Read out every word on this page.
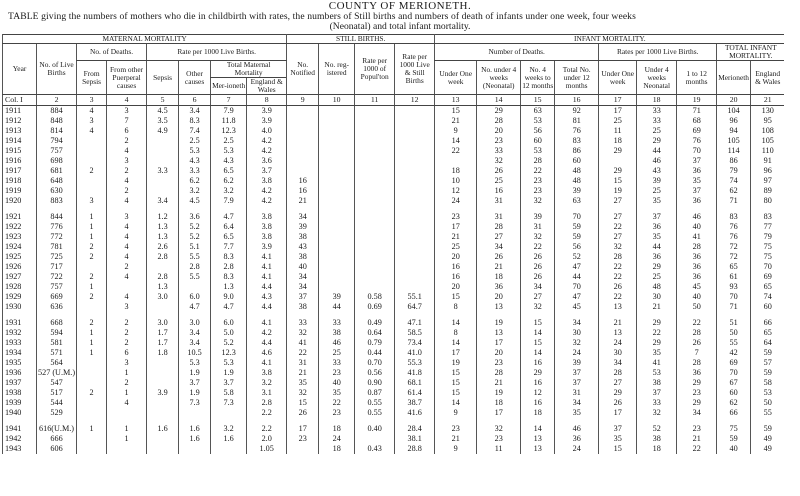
COUNTY OF MERIONETH.
TABLE giving the numbers of mothers who die in childbirth with rates, the numbers of Still births and numbers of death of infants under one week, four weeks
(Neonatal) and total infant mortality.
MATERNAL MORTALITY								STILL BIRTHS.				INFANT MORTALITY.								
Year	No. of Live Births	No. of Deaths.		Rate per 1000 Live Births.				No. Notified	No. reg-istered	Rate per 1000 of Popul'ton	Rate per 1000 Live & Still Births	Number of Deaths.				Rates per 1000 Live Births.			TOTAL INFANT MORTALITY.	
		From Sepsis	From other Puerperal causes	Sepsis	Other causes	Total Maternal Mortality						Under One week	No. under 4 weeks (Neonatal)	No. 4 weeks to 12 months	Total No. under 12 months	Under One week	Under 4 weeks Neonatal	1 to 12 months	Merioneth	England & Wales
						Mer-ioneth	England & Wales													
Col. I	2	3	4	5	6	7	8	9	10	11	12	13	14	15	16	17	18	19	20	21
1911	884	4	3	4.5	3.4	7.9	3.9					15	29	63	92	17	33	71	104	130
1912	848	3	7	3.5	8.3	11.8	3.9					21	28	53	81	25	33	68	96	95
1913	814	4	6	4.9	7.4	12.3	4.0					9	20	56	76	11	25	69	94	108
1914	794		2		2.5	2.5	4.2					14	23	60	83	18	29	76	105	105
1915	757		4		5.3	5.3	4.2					22	33	53	86	29	44	70	114	110
1916	698		3		4.3	4.3	3.6						32	28	60		46	37	86	91
1917	681	2	2	3.3	3.3	6.5	3.7					18	26	22	48	29	43	36	79	96
1918	648		4		6.2	6.2	3.8	16				10	25	23	48	15	39	35	74	97
1919	630		2		3.2	3.2	4.2	16				12	16	23	39	19	25	37	62	89
1920	883	3	4	3.4	4.5	7.9	4.2	21				24	31	32	63	27	35	36	71	80

1921	844	1	3	1.2	3.6	4.7	3.8	34				23	31	39	70	27	37	46	83	83
1922	776	1	4	1.3	5.2	6.4	3.8	39				17	28	31	59	22	36	40	76	77
1923	772	1	4	1.3	5.2	6.5	3.8	38				21	27	32	59	27	35	41	76	79
1924	781	2	4	2.6	5.1	7.7	3.9	43				25	34	22	56	32	44	28	72	75
1925	725	2	4	2.8	5.5	8.3	4.1	38				20	26	26	52	28	36	36	72	75
1926	717		2		2.8	2.8	4.1	40				16	21	26	47	22	29	36	65	70
1927	722	2	4	2.8	5.5	8.3	4.1	34				16	18	26	44	22	25	36	61	69
1928	757	1		1.3		1.3	4.4	34				20	36	34	70	26	48	45	93	65
1929	669	2	4	3.0	6.0	9.0	4.3	37	39	0.58	55.1	15	20	27	47	22	30	40	70	74
1930	636		3		4.7	4.7	4.4	38	44	0.69	64.7	8	13	32	45	13	21	50	71	60

1931	668	2	2	3.0	3.0	6.0	4.1	33	33	0.49	47.1	14	19	15	34	21	29	22	51	66
1932	594	1	2	1.7	3.4	5.0	4.2	32	38	0.64	58.5	8	13	14	30	13	22	28	50	65
1933	581	1	2	1.7	3.4	5.2	4.4	41	46	0.79	73.4	14	17	15	32	24	29	26	55	64
1934	571	1	6	1.8	10.5	12.3	4.6	22	25	0.44	41.0	17	20	14	24	30	35	7	42	59
1935	564		3		5.3	5.3	4.1	31	33	0.70	55.3	19	23	16	39	34	41	28	69	57
1936	527 (U.M.)		1		1.9	1.9	3.8	21	23	0.56	41.8	15	28	29	37	28	53	36	70	59
1937	547		2		3.7	3.7	3.2	35	40	0.90	68.1	15	21	16	37	27	38	29	67	58
1938	517	2	1	3.9	1.9	5.8	3.1	32	35	0.87	61.4	15	19	12	31	29	37	23	60	53
1939	544		4		7.3	7.3	2.8	15	22	0.55	38.7	14	18	16	34	26	33	29	62	50
1940	529						2.2	26	23	0.55	41.6	9	17	18	35	17	32	34	66	55

1941	616(U.M.)	1	1	1.6	1.6	3.2	2.2	17	18	0.40	28.4	23	32	14	46	37	52	23	75	59
1942	666		1		1.6	1.6	2.0	23	24		38.1	21	23	13	36	35	38	21	59	49
1943	606						1.05		18	0.43	28.8	9	11	13	24	15	18	22	40	49
